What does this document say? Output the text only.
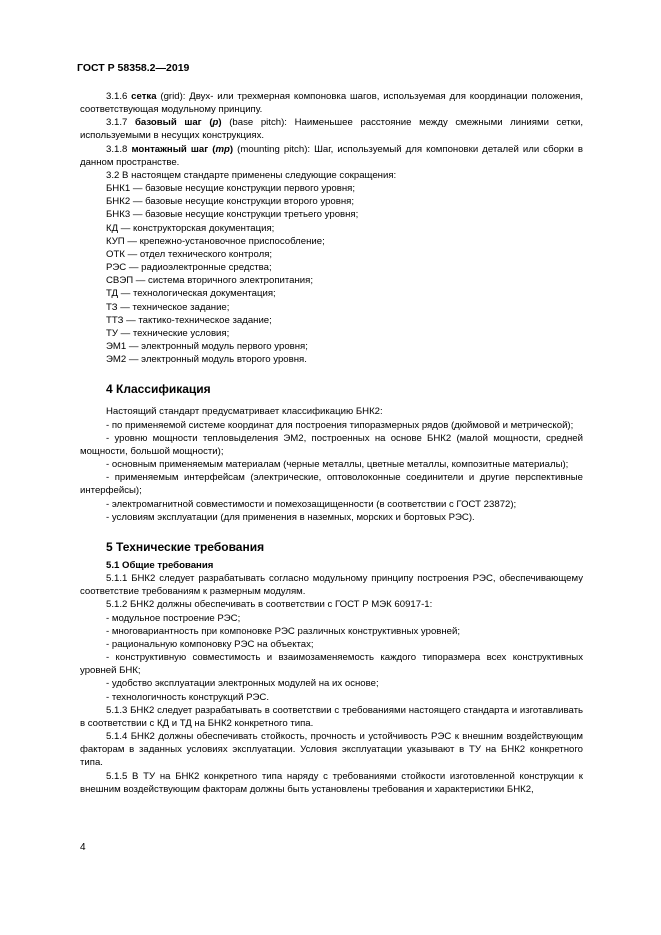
ГОСТ Р 58358.2—2019

3.1.6 сетка (grid): Двух- или трехмерная компоновка шагов, используемая для координации положения, соответствующая модульному принципу.

3.1.7 базовый шаг (p) (base pitch): Наименьшее расстояние между смежными линиями сетки, используемыми в несущих конструкциях.

3.1.8 монтажный шаг (mp) (mounting pitch): Шаг, используемый для компоновки деталей или сборки в данном пространстве.

3.2 В настоящем стандарте применены следующие сокращения:

БНК1 — базовые несущие конструкции первого уровня;

БНК2 — базовые несущие конструкции второго уровня;

БНК3 — базовые несущие конструкции третьего уровня;

КД — конструкторская документация;

КУП — крепежно-установочное приспособление;

ОТК — отдел технического контроля;

РЭС — радиоэлектронные средства;

СВЭП — система вторичного электропитания;

ТД — технологическая документация;

ТЗ — техническое задание;

ТТЗ — тактико-техническое задание;

ТУ — технические условия;

ЭМ1 — электронный модуль первого уровня;

ЭМ2 — электронный модуль второго уровня.

4 Классификация

Настоящий стандарт предусматривает классификацию БНК2:

- по применяемой системе координат для построения типоразмерных рядов (дюймовой и метрической);

- уровню мощности тепловыделения ЭМ2, построенных на основе БНК2 (малой мощности, средней мощности, большой мощности);

- основным применяемым материалам (черные металлы, цветные металлы, композитные материалы);

- применяемым интерфейсам (электрические, оптоволоконные соединители и другие перспективные интерфейсы);

- электромагнитной совместимости и помехозащищенности (в соответствии с ГОСТ 23872);

- условиям эксплуатации (для применения в наземных, морских и бортовых РЭС).

5 Технические требования

5.1 Общие требования

5.1.1 БНК2 следует разрабатывать согласно модульному принципу построения РЭС, обеспечивающему соответствие требованиям к размерным модулям.

5.1.2 БНК2 должны обеспечивать в соответствии с ГОСТ Р МЭК 60917-1:

- модульное построение РЭС;

- многовариантность при компоновке РЭС различных конструктивных уровней;

- рациональную компоновку РЭС на объектах;

- конструктивную совместимость и взаимозаменяемость каждого типоразмера всех конструктивных уровней БНК;

- удобство эксплуатации электронных модулей на их основе;

- технологичность конструкций РЭС.

5.1.3 БНК2 следует разрабатывать в соответствии с требованиями настоящего стандарта и изготавливать в соответствии с КД и ТД на БНК2 конкретного типа.

5.1.4 БНК2 должны обеспечивать стойкость, прочность и устойчивость РЭС к внешним воздействующим факторам в заданных условиях эксплуатации. Условия эксплуатации указывают в ТУ на БНК2 конкретного типа.

5.1.5 В ТУ на БНК2 конкретного типа наряду с требованиями стойкости изготовленной конструкции к внешним воздействующим факторам должны быть установлены требования и характеристики БНК2,

4
